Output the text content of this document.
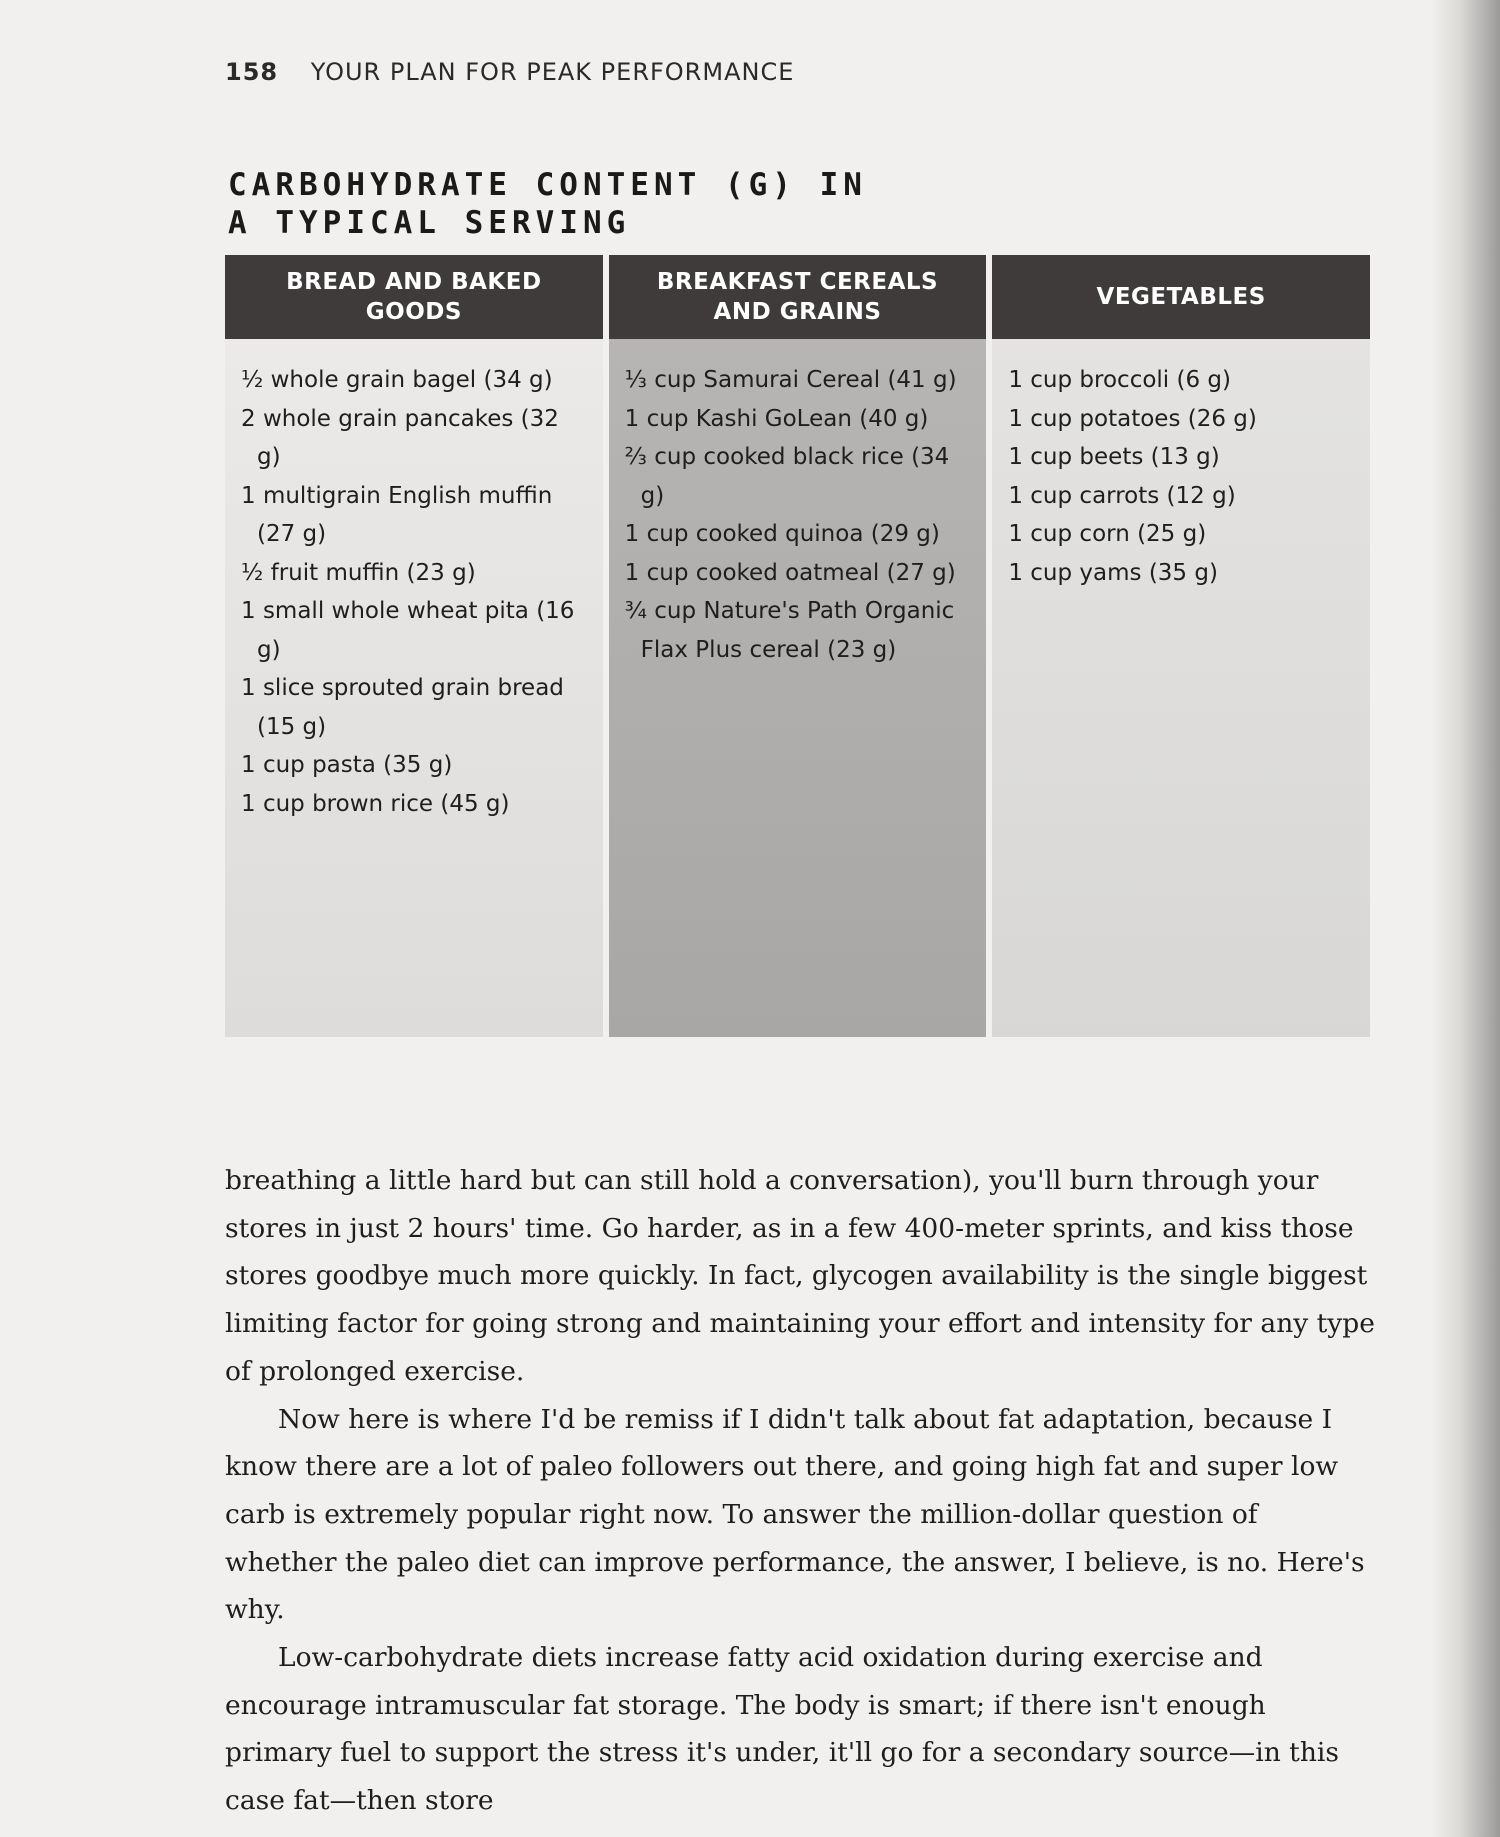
158 YOUR PLAN FOR PEAK PERFORMANCE
CARBOHYDRATE CONTENT (G) IN
A TYPICAL SERVING
BREAD AND BAKED GOODS
½ whole grain bagel (34 g)
2 whole grain pancakes (32 g)
1 multigrain English muffin (27 g)
½ fruit muffin (23 g)
1 small whole wheat pita (16 g)
1 slice sprouted grain bread (15 g)
1 cup pasta (35 g)
1 cup brown rice (45 g)
BREAKFAST CEREALS AND GRAINS
⅓ cup Samurai Cereal (41 g)
1 cup Kashi GoLean (40 g)
⅔ cup cooked black rice (34 g)
1 cup cooked quinoa (29 g)
1 cup cooked oatmeal (27 g)
¾ cup Nature's Path Organic Flax Plus cereal (23 g)
VEGETABLES
1 cup broccoli (6 g)
1 cup potatoes (26 g)
1 cup beets (13 g)
1 cup carrots (12 g)
1 cup corn (25 g)
1 cup yams (35 g)

breathing a little hard but can still hold a conversation), you'll burn through your stores in just 2 hours' time. Go harder, as in a few 400-meter sprints, and kiss those stores goodbye much more quickly. In fact, glycogen availability is the single biggest limiting factor for going strong and maintaining your effort and intensity for any type of prolonged exercise.

Now here is where I'd be remiss if I didn't talk about fat adaptation, because I know there are a lot of paleo followers out there, and going high fat and super low carb is extremely popular right now. To answer the million-dollar question of whether the paleo diet can improve performance, the answer, I believe, is no. Here's why.

Low-carbohydrate diets increase fatty acid oxidation during exercise and encourage intramuscular fat storage. The body is smart; if there isn't enough primary fuel to support the stress it's under, it'll go for a secondary source—in this case fat—then store
